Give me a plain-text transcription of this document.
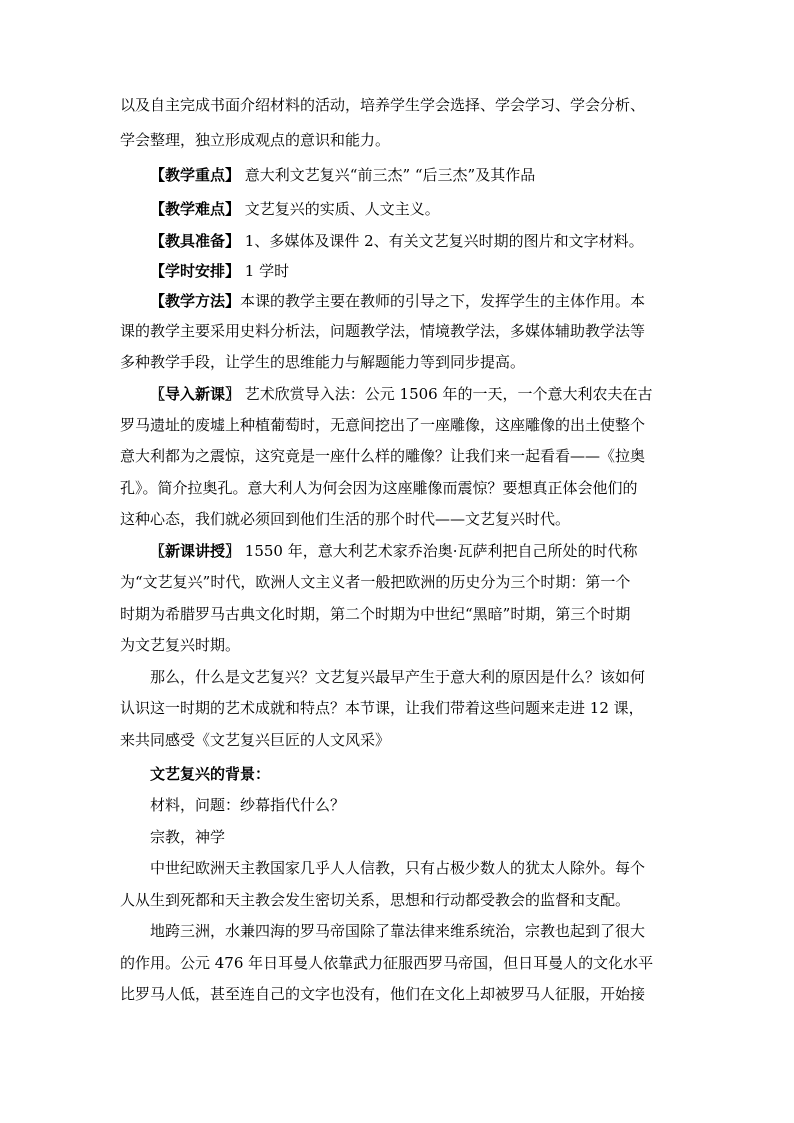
以及自主完成书面介绍材料的活动，培养学生学会选择、学会学习、学会分析、
学会整理，独立形成观点的意识和能力。
【教学重点】 意大利文艺复兴“前三杰” “后三杰”及其作品
【教学难点】 文艺复兴的实质、人文主义。
【教具准备】 1、多媒体及课件 2、有关文艺复兴时期的图片和文字材料。
【学时安排】 1 学时
【教学方法】本课的教学主要在教师的引导之下，发挥学生的主体作用。本
课的教学主要采用史料分析法，问题教学法，情境教学法，多媒体辅助教学法等
多种教学手段，让学生的思维能力与解题能力等到同步提高。
〖导入新课〗 艺术欣赏导入法：公元 1506 年的一天，一个意大利农夫在古
罗马遗址的废墟上种植葡萄时，无意间挖出了一座雕像，这座雕像的出土使整个
意大利都为之震惊，这究竟是一座什么样的雕像？让我们来一起看看——《拉奥
孔》。简介拉奥孔。意大利人为何会因为这座雕像而震惊？要想真正体会他们的
这种心态，我们就必须回到他们生活的那个时代——文艺复兴时代。
〖新课讲授〗 1550 年，意大利艺术家乔治奥·瓦萨利把自己所处的时代称
为“文艺复兴”时代，欧洲人文主义者一般把欧洲的历史分为三个时期：第一个
时期为希腊罗马古典文化时期，第二个时期为中世纪“黑暗”时期，第三个时期
为文艺复兴时期。
那么，什么是文艺复兴？文艺复兴最早产生于意大利的原因是什么？该如何
认识这一时期的艺术成就和特点？本节课，让我们带着这些问题来走进 12 课，
来共同感受《文艺复兴巨匠的人文风采》
文艺复兴的背景：
材料，问题：纱幕指代什么？
宗教，神学
中世纪欧洲天主教国家几乎人人信教，只有占极少数人的犹太人除外。每个
人从生到死都和天主教会发生密切关系，思想和行动都受教会的监督和支配。
地跨三洲，水兼四海的罗马帝国除了靠法律来维系统治，宗教也起到了很大
的作用。公元 476 年日耳曼人依靠武力征服西罗马帝国，但日耳曼人的文化水平
比罗马人低，甚至连自己的文字也没有，他们在文化上却被罗马人征服，开始接
